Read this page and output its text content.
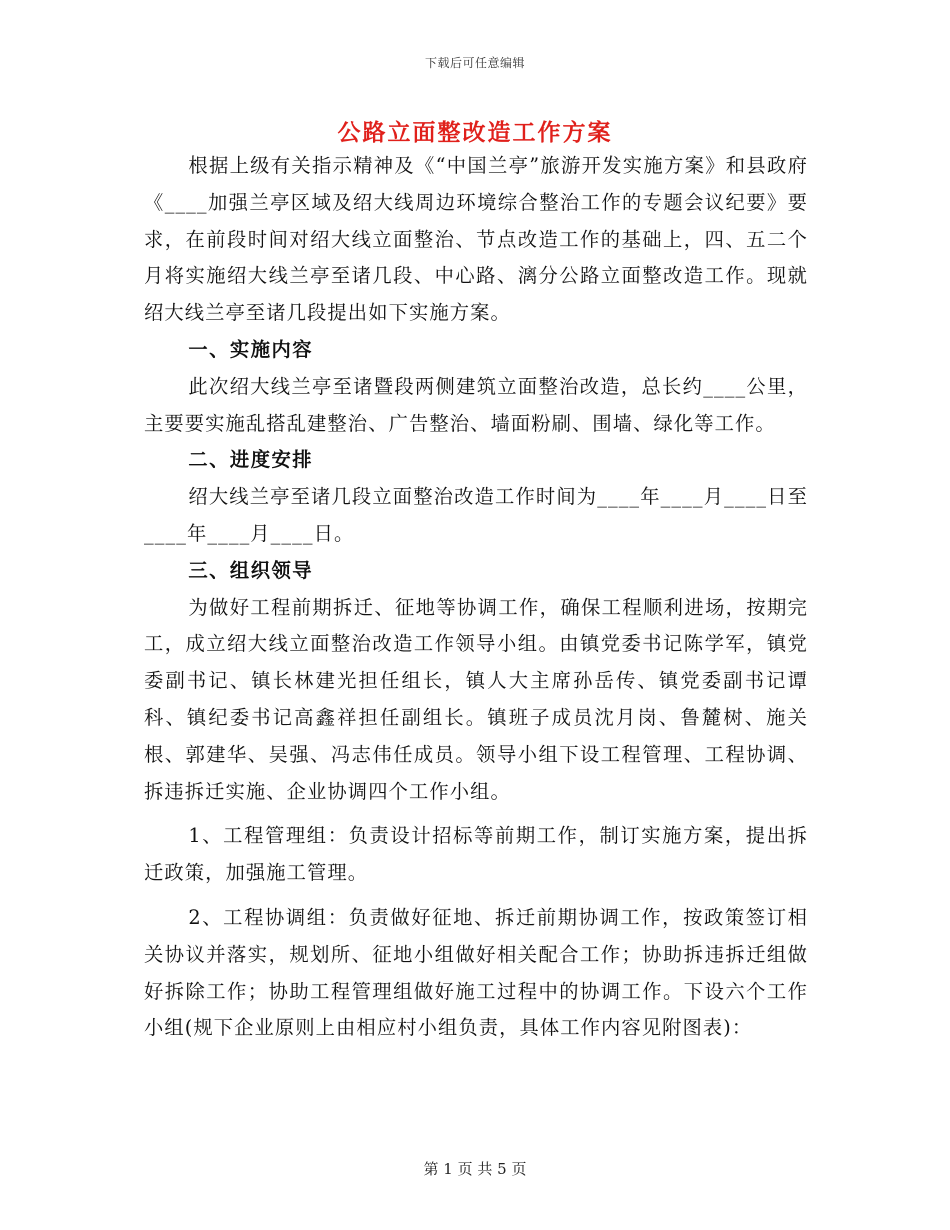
下载后可任意编辑
公路立面整改造工作方案

根据上级有关指示精神及《“中国兰亭”旅游开发实施方案》和县政府《____加强兰亭区域及绍大线周边环境综合整治工作的专题会议纪要》要求，在前段时间对绍大线立面整治、节点改造工作的基础上，四、五二个月将实施绍大线兰亭至诸几段、中心路、漓分公路立面整改造工作。现就绍大线兰亭至诸几段提出如下实施方案。

一、实施内容

此次绍大线兰亭至诸暨段两侧建筑立面整治改造，总长约____公里，主要要实施乱搭乱建整治、广告整治、墙面粉刷、围墙、绿化等工作。

二、进度安排

绍大线兰亭至诸几段立面整治改造工作时间为____年____月____日至____年____月____日。

三、组织领导

为做好工程前期拆迁、征地等协调工作，确保工程顺利进场，按期完工，成立绍大线立面整治改造工作领导小组。由镇党委书记陈学军，镇党委副书记、镇长林建光担任组长，镇人大主席孙岳传、镇党委副书记谭科、镇纪委书记高鑫祥担任副组长。镇班子成员沈月岗、鲁麓树、施关根、郭建华、吴强、冯志伟任成员。领导小组下设工程管理、工程协调、拆违拆迁实施、企业协调四个工作小组。

1、工程管理组：负责设计招标等前期工作，制订实施方案，提出拆迁政策，加强施工管理。

2、工程协调组：负责做好征地、拆迁前期协调工作，按政策签订相关协议并落实，规划所、征地小组做好相关配合工作；协助拆违拆迁组做好拆除工作；协助工程管理组做好施工过程中的协调工作。下设六个工作小组(规下企业原则上由相应村小组负责，具体工作内容见附图表)：

第 1 页 共 5 页
